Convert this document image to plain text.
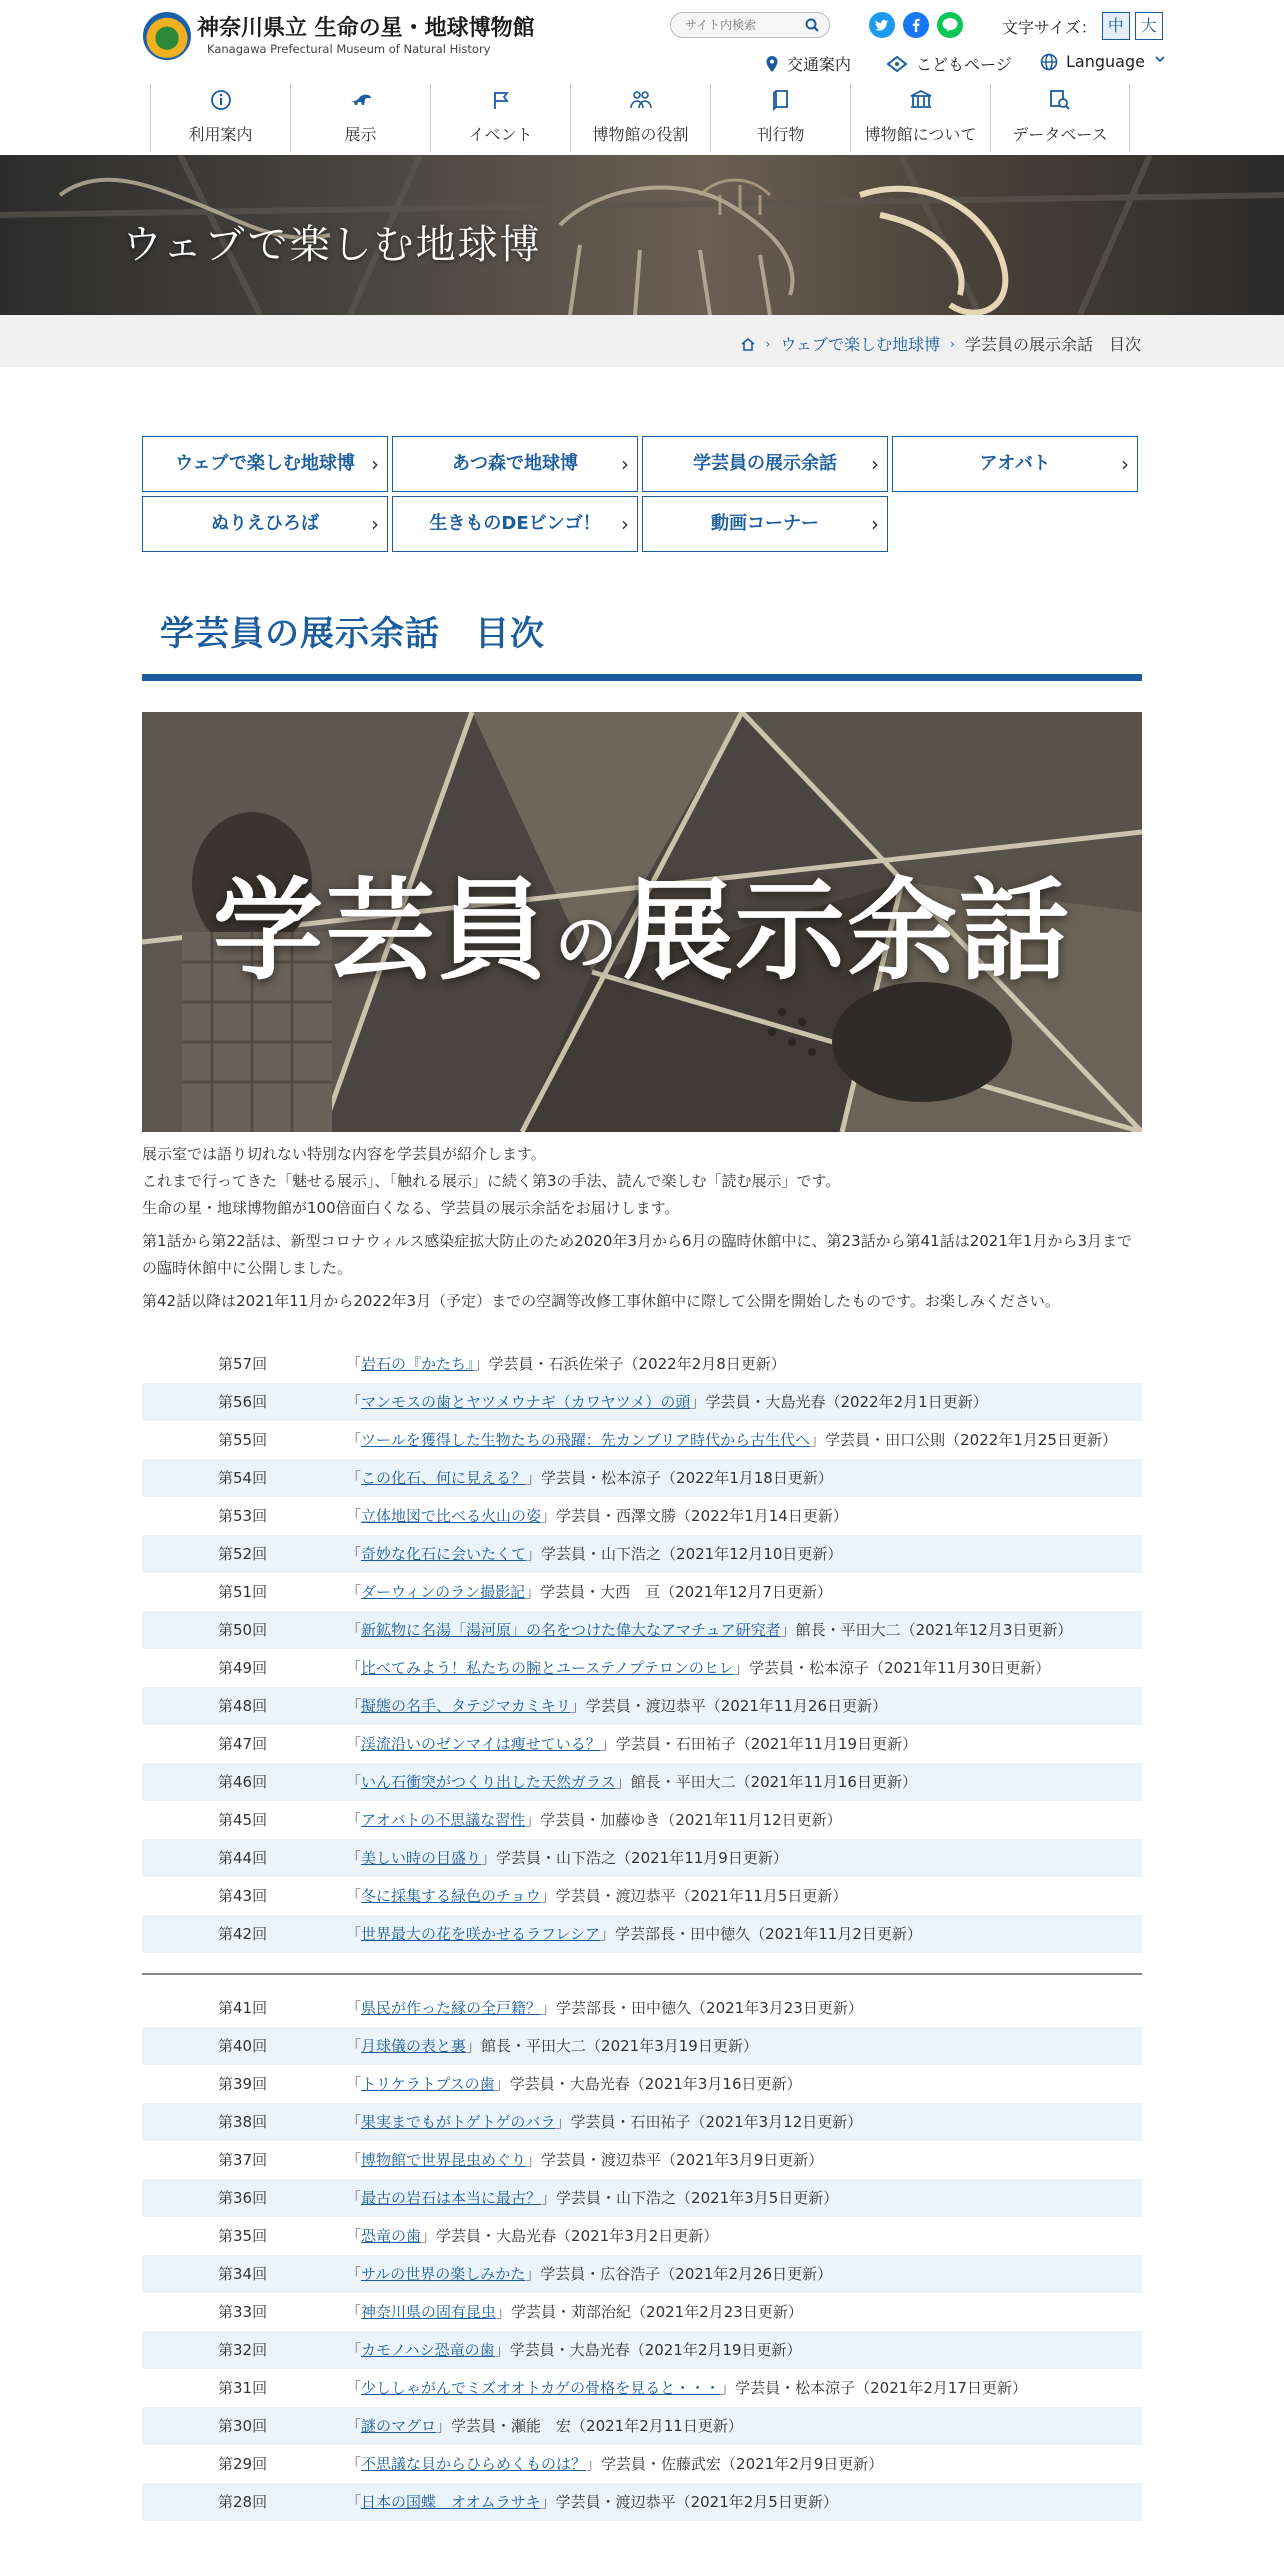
神奈川県立 生命の星・地球博物館
Kanagawa Prefectural Museum of Natural History
サイト内検索
文字サイズ： 中	大
交通案内	こどもページ	Language
利用案内	展示	イベント	博物館の役割	刊行物	博物館について	データベース
ウェブで楽しむ地球博
› ウェブで楽しむ地球博 › 学芸員の展示余話　目次
ウェブで楽しむ地球博 ›	あつ森で地球博 ›	学芸員の展示余話 ›	アオバト	›
ぬりえひろば	›	生きものDEビンゴ！ ›	動画コーナー	›
学芸員の展示余話　目次
学芸員 の 展示余話

展示室では語り切れない特別な内容を学芸員が紹介します。

これまで行ってきた「魅せる展示」、「触れる展示」に続く第3の手法、読んで楽しむ「読む展示」です。

生命の星・地球博物館が100倍面白くなる、学芸員の展示余話をお届けします。

第1話から第22話は、新型コロナウィルス感染症拡大防止のため2020年3月から6月の臨時休館中に、第23話から第41話は2021年1月から3月までの臨時休館中に公開しました。

第42話以降は2021年11月から2022年3月（予定）までの空調等改修工事休館中に際して公開を開始したものです。お楽しみください。

第57回	「岩石の『かたち』」学芸員・石浜佐栄子（2022年2月8日更新）
第56回	「マンモスの歯とヤツメウナギ（カワヤツメ）の頭」学芸員・大島光春（2022年2月1日更新）
第55回	「ツールを獲得した生物たちの飛躍：先カンブリア時代から古生代へ」学芸員・田口公則（2022年1月25日更新）
第54回	「この化石、何に見える？」学芸員・松本涼子（2022年1月18日更新）
第53回	「立体地図で比べる火山の姿」学芸員・西澤文勝（2022年1月14日更新）
第52回	「奇妙な化石に会いたくて」学芸員・山下浩之（2021年12月10日更新）
第51回	「ダーウィンのラン撮影記」学芸員・大西　亘（2021年12月7日更新）
第50回	「新鉱物に名湯「湯河原」の名をつけた偉大なアマチュア研究者」館長・平田大二（2021年12月3日更新）
第49回	「比べてみよう！私たちの腕とユーステノプテロンのヒレ」学芸員・松本涼子（2021年11月30日更新）
第48回	「擬態の名手、タテジマカミキリ」学芸員・渡辺恭平（2021年11月26日更新）
第47回	「渓流沿いのゼンマイは痩せている？」学芸員・石田祐子（2021年11月19日更新）
第46回	「いん石衝突がつくり出した天然ガラス」館長・平田大二（2021年11月16日更新）
第45回	「アオバトの不思議な習性」学芸員・加藤ゆき（2021年11月12日更新）
第44回	「美しい時の目盛り」学芸員・山下浩之（2021年11月9日更新）
第43回	「冬に採集する緑色のチョウ」学芸員・渡辺恭平（2021年11月5日更新）
第42回	「世界最大の花を咲かせるラフレシア」学芸部長・田中徳久（2021年11月2日更新）
第41回	「県民が作った縁の全戸籍？」学芸部長・田中徳久（2021年3月23日更新）
第40回	「月球儀の表と裏」館長・平田大二（2021年3月19日更新）
第39回	「トリケラトプスの歯」学芸員・大島光春（2021年3月16日更新）
第38回	「果実までもがトゲトゲのバラ」学芸員・石田祐子（2021年3月12日更新）
第37回	「博物館で世界昆虫めぐり」学芸員・渡辺恭平（2021年3月9日更新）
第36回	「最古の岩石は本当に最古？」学芸員・山下浩之（2021年3月5日更新）
第35回	「恐竜の歯」学芸員・大島光春（2021年3月2日更新）
第34回	「サルの世界の楽しみかた」学芸員・広谷浩子（2021年2月26日更新）
第33回	「神奈川県の固有昆虫」学芸員・苅部治紀（2021年2月23日更新）
第32回	「カモノハシ恐竜の歯」学芸員・大島光春（2021年2月19日更新）
第31回	「少ししゃがんでミズオオトカゲの骨格を見ると・・・」学芸員・松本涼子（2021年2月17日更新）
第30回	「謎のマグロ」学芸員・瀬能　宏（2021年2月11日更新）
第29回	「不思議な貝からひらめくものは？」学芸員・佐藤武宏（2021年2月9日更新）
第28回	「日本の国蝶　オオムラサキ」学芸員・渡辺恭平（2021年2月5日更新）
